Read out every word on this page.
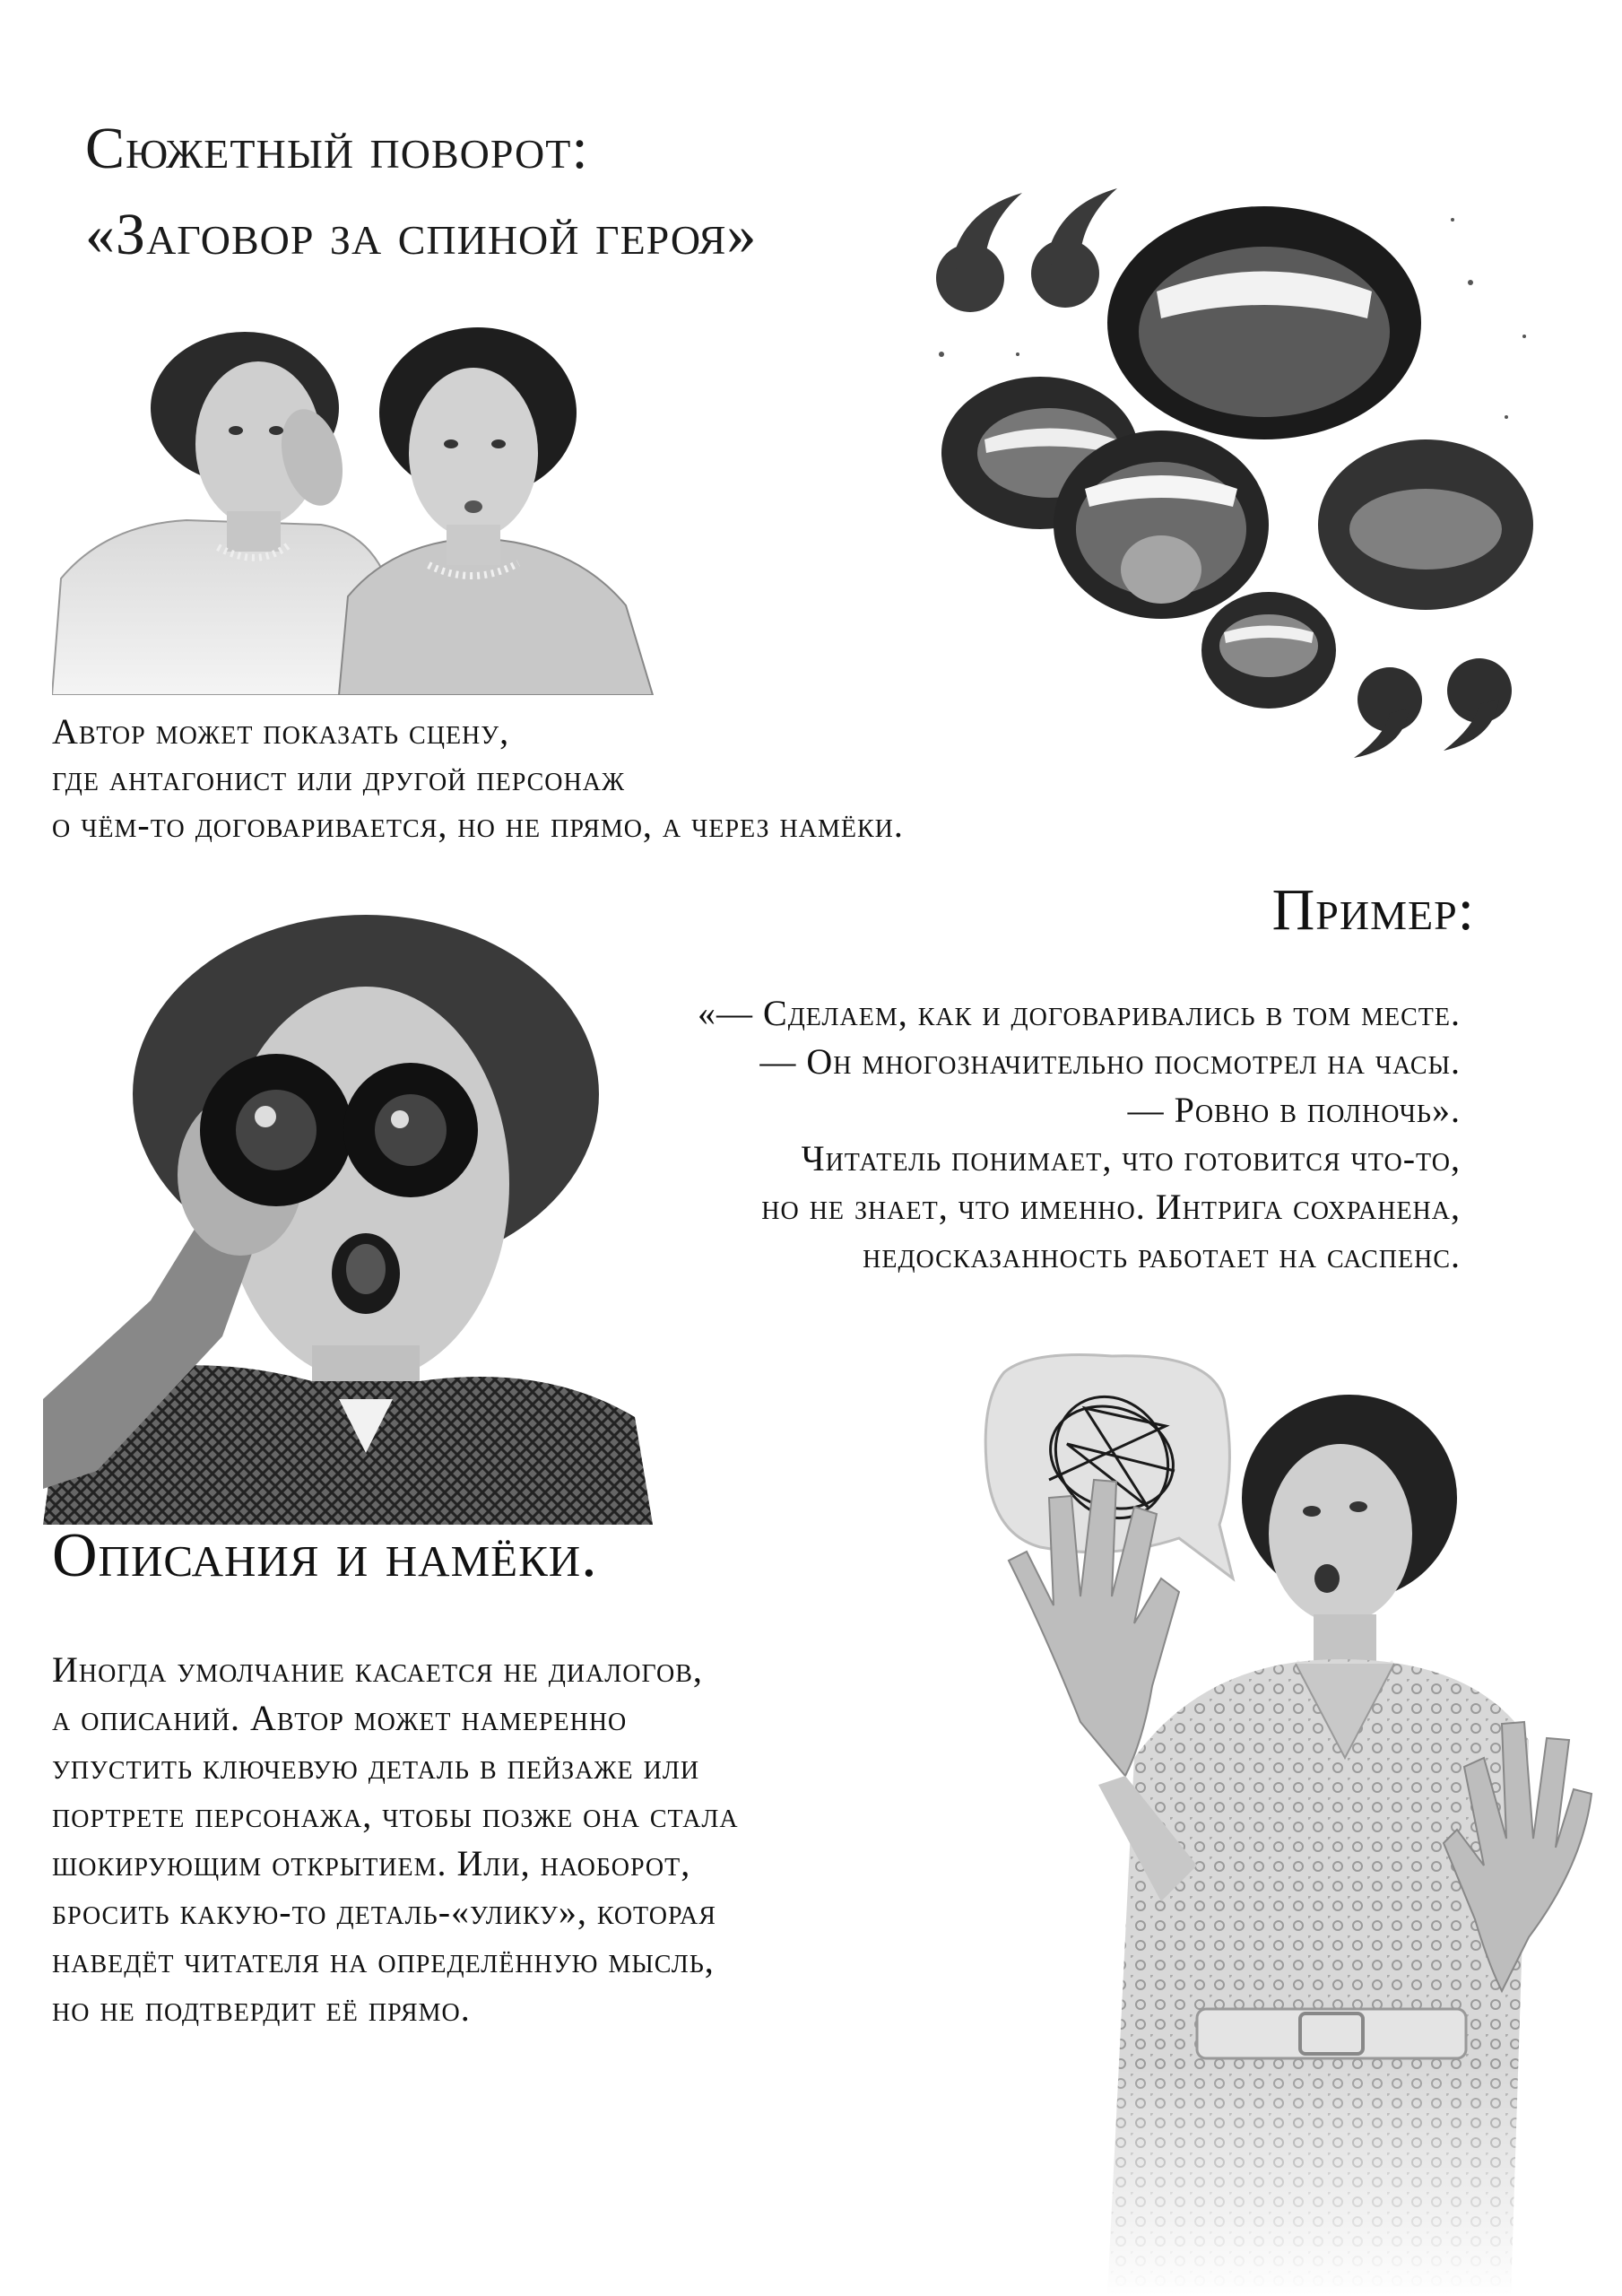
Сюжетный поворот:
«Заговор за спиной героя»
Автор может показать сцену,
где антагонист или другой персонаж
о чём-то договаривается, но не прямо, а через намёки.
Пример:
«— Сделаем, как и договаривались в том месте.
— Он многозначительно посмотрел на часы.
— Ровно в полночь».
Читатель понимает, что готовится что-то,
но не знает, что именно. Интрига сохранена,
недосказанность работает на саспенс.
Описания и намёки.
Иногда умолчание касается не диалогов,
а описаний. Автор может намеренно
упустить ключевую деталь в пейзаже или
портрете персонажа, чтобы позже она стала
шокирующим открытием. Или, наоборот,
бросить какую-то деталь-«улику», которая
наведёт читателя на определённую мысль,
но не подтвердит её прямо.
